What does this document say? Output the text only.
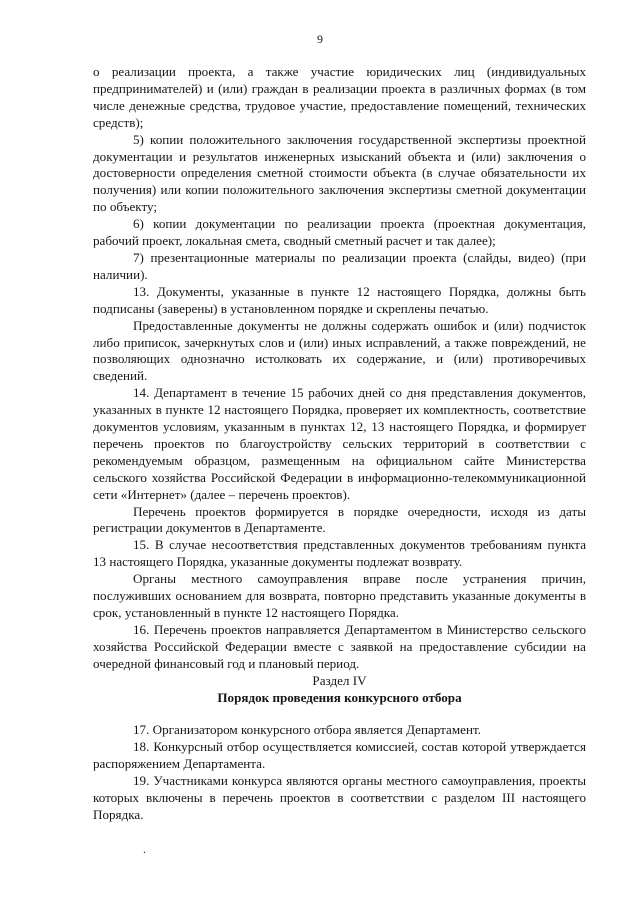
9

о реализации проекта, а также участие юридических лиц (индивидуальных предпринимателей) и (или) граждан в реализации проекта в различных формах (в том числе денежные средства, трудовое участие, предоставление помещений, технических средств);

5) копии положительного заключения государственной экспертизы проектной документации и результатов инженерных изысканий объекта и (или) заключения о достоверности определения сметной стоимости объекта (в случае обязательности их получения) или копии положительного заключения экспертизы сметной документации по объекту;

6) копии документации по реализации проекта (проектная документация, рабочий проект, локальная смета, сводный сметный расчет и так далее);

7) презентационные материалы по реализации проекта (слайды, видео) (при наличии).

13. Документы, указанные в пункте 12 настоящего Порядка, должны быть подписаны (заверены) в установленном порядке и скреплены печатью.

Предоставленные документы не должны содержать ошибок и (или) подчисток либо приписок, зачеркнутых слов и (или) иных исправлений, а также повреждений, не позволяющих однозначно истолковать их содержание, и (или) противоречивых сведений.

14. Департамент в течение 15 рабочих дней со дня представления документов, указанных в пункте 12 настоящего Порядка, проверяет их комплектность, соответствие документов условиям, указанным в пунктах 12, 13 настоящего Порядка, и формирует перечень проектов по благоустройству сельских территорий в соответствии с рекомендуемым образцом, размещенным на официальном сайте Министерства сельского хозяйства Российской Федерации в информационно-телекоммуникационной сети «Интернет» (далее – перечень проектов).

Перечень проектов формируется в порядке очередности, исходя из даты регистрации документов в Департаменте.

15. В случае несоответствия представленных документов требованиям пункта 13 настоящего Порядка, указанные документы подлежат возврату.

Органы местного самоуправления вправе после устранения причин, послуживших основанием для возврата, повторно представить указанные документы в срок, установленный в пункте 12 настоящего Порядка.

16. Перечень проектов направляется Департаментом в Министерство сельского хозяйства Российской Федерации вместе с заявкой на предоставление субсидии на очередной финансовый год и плановый период.

Раздел IV
Порядок проведения конкурсного отбора

17. Организатором конкурсного отбора является Департамент.

18. Конкурсный отбор осуществляется комиссией, состав которой утверждается распоряжением Департамента.

19. Участниками конкурса являются органы местного самоуправления, проекты которых включены в перечень проектов в соответствии с разделом III настоящего Порядка.

.
